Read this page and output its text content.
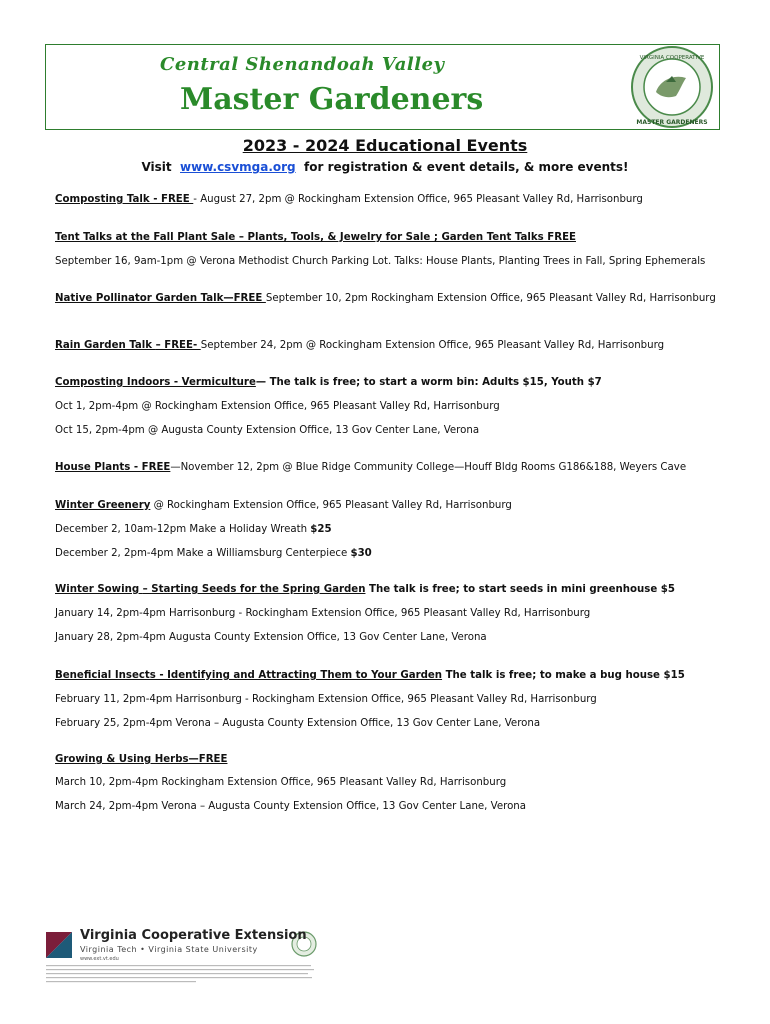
Central Shenandoah Valley
Master Gardeners
VIRGINIA COOPERATIVE
MASTER GARDENERS
2023 - 2024 Educational Events
Visit www.csvmga.org for registration & event details, & more events!
Composting Talk - FREE - August 27, 2pm @ Rockingham Extension Office, 965 Pleasant Valley Rd, Harrisonburg
Tent Talks at the Fall Plant Sale – Plants, Tools, & Jewelry for Sale ; Garden Tent Talks FREE
September 16, 9am-1pm @ Verona Methodist Church Parking Lot. Talks: House Plants, Planting Trees in Fall, Spring Ephemerals
Native Pollinator Garden Talk—FREE September 10, 2pm Rockingham Extension Office, 965 Pleasant Valley Rd, Harrisonburg
Rain Garden Talk – FREE- September 24, 2pm @ Rockingham Extension Office, 965 Pleasant Valley Rd, Harrisonburg
Composting Indoors - Vermiculture— The talk is free; to start a worm bin: Adults $15, Youth $7
Oct 1, 2pm-4pm @ Rockingham Extension Office, 965 Pleasant Valley Rd, Harrisonburg
Oct 15, 2pm-4pm @ Augusta County Extension Office, 13 Gov Center Lane, Verona
House Plants - FREE—November 12, 2pm @ Blue Ridge Community College—Houff Bldg Rooms G186&188, Weyers Cave
Winter Greenery @ Rockingham Extension Office, 965 Pleasant Valley Rd, Harrisonburg
December 2, 10am-12pm Make a Holiday Wreath $25
December 2, 2pm-4pm Make a Williamsburg Centerpiece $30
Winter Sowing – Starting Seeds for the Spring Garden The talk is free; to start seeds in mini greenhouse $5
January 14, 2pm-4pm Harrisonburg - Rockingham Extension Office, 965 Pleasant Valley Rd, Harrisonburg
January 28, 2pm-4pm Augusta County Extension Office, 13 Gov Center Lane, Verona
Beneficial Insects - Identifying and Attracting Them to Your Garden The talk is free; to make a bug house $15
February 11, 2pm-4pm Harrisonburg - Rockingham Extension Office, 965 Pleasant Valley Rd, Harrisonburg
February 25, 2pm-4pm Verona – Augusta County Extension Office, 13 Gov Center Lane, Verona
Growing & Using Herbs—FREE
March 10, 2pm-4pm Rockingham Extension Office, 965 Pleasant Valley Rd, Harrisonburg
March 24, 2pm-4pm Verona – Augusta County Extension Office, 13 Gov Center Lane, Verona
Virginia Cooperative Extension
Virginia Tech • Virginia State University
www.ext.vt.edu
